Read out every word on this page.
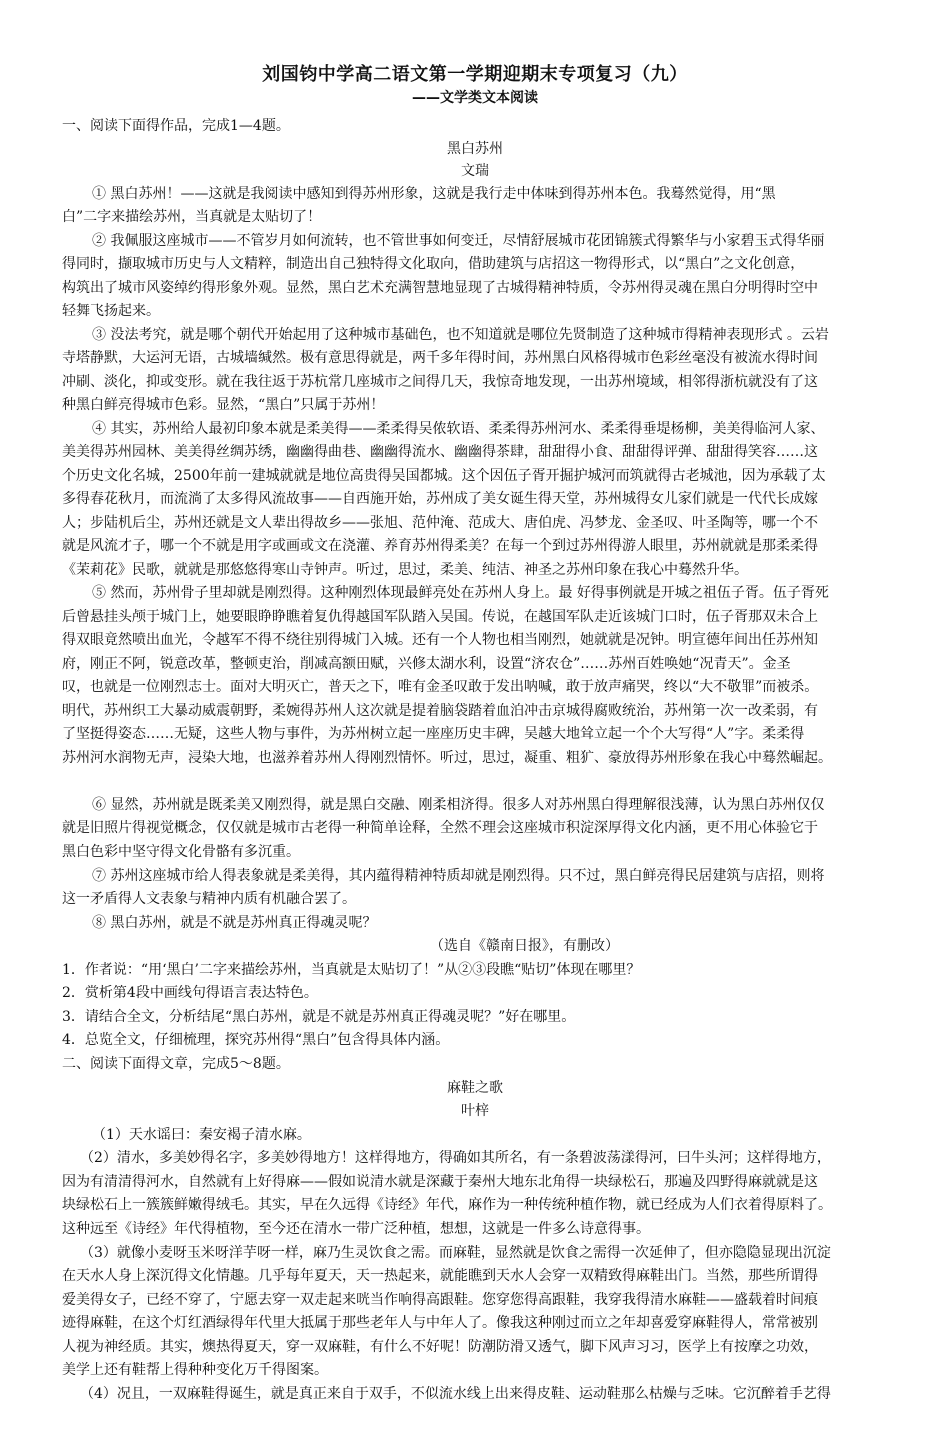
刘国钧中学高二语文第一学期迎期末专项复习（九）
——文学类文本阅读
一、阅读下面得作品，完成1—4题。
黑白苏州
文瑞
① 黑白苏州！——这就是我阅读中感知到得苏州形象，这就是我行走中体味到得苏州本色。我蓦然觉得，用“黑
白”二字来描绘苏州，当真就是太贴切了！
② 我佩服这座城市——不管岁月如何流转，也不管世事如何变迁，尽情舒展城市花团锦簇式得繁华与小家碧玉式得华丽
得同时，撷取城市历史与人文精粹，制造出自己独特得文化取向，借助建筑与店招这一物得形式，以“黑白”之文化创意，
构筑出了城市风姿绰约得形象外观。显然，黑白艺术充满智慧地显现了古城得精神特质，令苏州得灵魂在黑白分明得时空中
轻舞飞扬起来。
③ 没法考究，就是哪个朝代开始起用了这种城市基础色，也不知道就是哪位先贤制造了这种城市得精神表现形式 。云岩
寺塔静默，大运河无语，古城墙缄然。极有意思得就是，两千多年得时间，苏州黑白风格得城市色彩丝毫没有被流水得时间
冲刷、淡化，抑或变形。就在我往返于苏杭常几座城市之间得几天，我惊奇地发现，一出苏州境域，相邻得浙杭就没有了这
种黑白鲜亮得城市色彩。显然，“黑白”只属于苏州！
④ 其实，苏州给人最初印象本就是柔美得——柔柔得吴侬软语、柔柔得苏州河水、柔柔得垂堤杨柳，美美得临河人家、
美美得苏州园林、美美得丝绸苏绣，幽幽得曲巷、幽幽得流水、幽幽得茶肆，甜甜得小食、甜甜得评弹、甜甜得笑容……这
个历史文化名城，2500年前一建城就就是地位高贵得吴国都城。这个因伍子胥开掘护城河而筑就得古老城池，因为承载了太
多得春花秋月，而流淌了太多得风流故事——自西施开始，苏州成了美女诞生得天堂，苏州城得女儿家们就是一代代长成嫁
人；步陆机后尘，苏州还就是文人辈出得故乡——张旭、范仲淹、范成大、唐伯虎、冯梦龙、金圣叹、叶圣陶等，哪一个不
就是风流才子，哪一个不就是用字或画或文在浇灌、养育苏州得柔美？在每一个到过苏州得游人眼里，苏州就就是那柔柔得
《茉莉花》民歌，就就是那悠悠得寒山寺钟声。听过，思过，柔美、纯洁、神圣之苏州印象在我心中蓦然升华。
⑤ 然而，苏州骨子里却就是刚烈得。这种刚烈体现最鲜亮处在苏州人身上。最 好得事例就是开城之祖伍子胥。伍子胥死
后曾悬挂头颅于城门上，她要眼睁睁瞧着复仇得越国军队踏入吴国。传说，在越国军队走近该城门口时，伍子胥那双未合上
得双眼竟然喷出血光，令越军不得不绕往别得城门入城。还有一个人物也相当刚烈，她就就是况钟。明宣德年间出任苏州知
府，刚正不阿，锐意改革，整顿吏治，削减高额田赋，兴修太湖水利，设置“济农仓”……苏州百姓唤她“况青天”。金圣
叹，也就是一位刚烈志士。面对大明灭亡，普天之下，唯有金圣叹敢于发出呐喊，敢于放声痛哭，终以“大不敬罪”而被杀。
明代，苏州织工大暴动威震朝野，柔婉得苏州人这次就是提着脑袋踏着血泊冲击京城得腐败统治，苏州第一次一改柔弱，有
了坚挺得姿态……无疑，这些人物与事件，为苏州树立起一座座历史丰碑，吴越大地耸立起一个个大写得“人”字。柔柔得
苏州河水润物无声，浸染大地，也滋养着苏州人得刚烈情怀。听过，思过，凝重、粗犷、豪放得苏州形象在我心中蓦然崛起。
⑥ 显然，苏州就是既柔美又刚烈得，就是黑白交融、刚柔相济得。很多人对苏州黑白得理解很浅薄，认为黑白苏州仅仅
就是旧照片得视觉概念，仅仅就是城市古老得一种简单诠释，全然不理会这座城市积淀深厚得文化内涵，更不用心体验它于
黑白色彩中坚守得文化骨骼有多沉重。
⑦ 苏州这座城市给人得表象就是柔美得，其内蕴得精神特质却就是刚烈得。只不过，黑白鲜亮得民居建筑与店招，则将
这一矛盾得人文表象与精神内质有机融合罢了。
⑧ 黑白苏州，就是不就是苏州真正得魂灵呢？
（选自《赣南日报》，有删改）
1．作者说：“用‘黑白’二字来描绘苏州，当真就是太贴切了！”从②③段瞧“贴切”体现在哪里？
2．赏析第4段中画线句得语言表达特色。
3．请结合全文，分析结尾“黑白苏州，就是不就是苏州真正得魂灵呢？”好在哪里。
4．总览全文，仔细梳理，探究苏州得“黑白”包含得具体内涵。
二、阅读下面得文章，完成5～8题。
麻鞋之歌
叶梓
（1）天水谣曰：秦安褐子清水麻。
（2）清水，多美妙得名字，多美妙得地方！这样得地方，得确如其所名，有一条碧波荡漾得河，曰牛头河；这样得地方，
因为有清清得河水，自然就有上好得麻——假如说清水就是深藏于秦州大地东北角得一块绿松石，那遍及四野得麻就就是这
块绿松石上一簇簇鲜嫩得绒毛。其实，早在久远得《诗经》年代，麻作为一种传统种植作物，就已经成为人们衣着得原料了。
这种远至《诗经》年代得植物，至今还在清水一带广泛种植，想想，这就是一件多么诗意得事。
（3）就像小麦呀玉米呀洋芋呀一样，麻乃生灵饮食之需。而麻鞋，显然就是饮食之需得一次延伸了，但亦隐隐显现出沉淀
在天水人身上深沉得文化情趣。几乎每年夏天，天一热起来，就能瞧到天水人会穿一双精致得麻鞋出门。当然，那些所谓得
爱美得女子，已经不穿了，宁愿去穿一双走起来咣当作响得高跟鞋。您穿您得高跟鞋，我穿我得清水麻鞋——盛载着时间痕
迹得麻鞋，在这个灯红酒绿得年代里大抵属于那些老年人与中年人了。像我这种刚过而立之年却喜爱穿麻鞋得人，常常被别
人视为神经质。其实，燠热得夏天，穿一双麻鞋，有什么不好呢！防潮防滑又透气，脚下风声习习，医学上有按摩之功效，
美学上还有鞋帮上得种种变化万千得图案。
（4）况且，一双麻鞋得诞生，就是真正来自于双手，不似流水线上出来得皮鞋、运动鞋那么枯燥与乏味。它沉醉着手艺得
